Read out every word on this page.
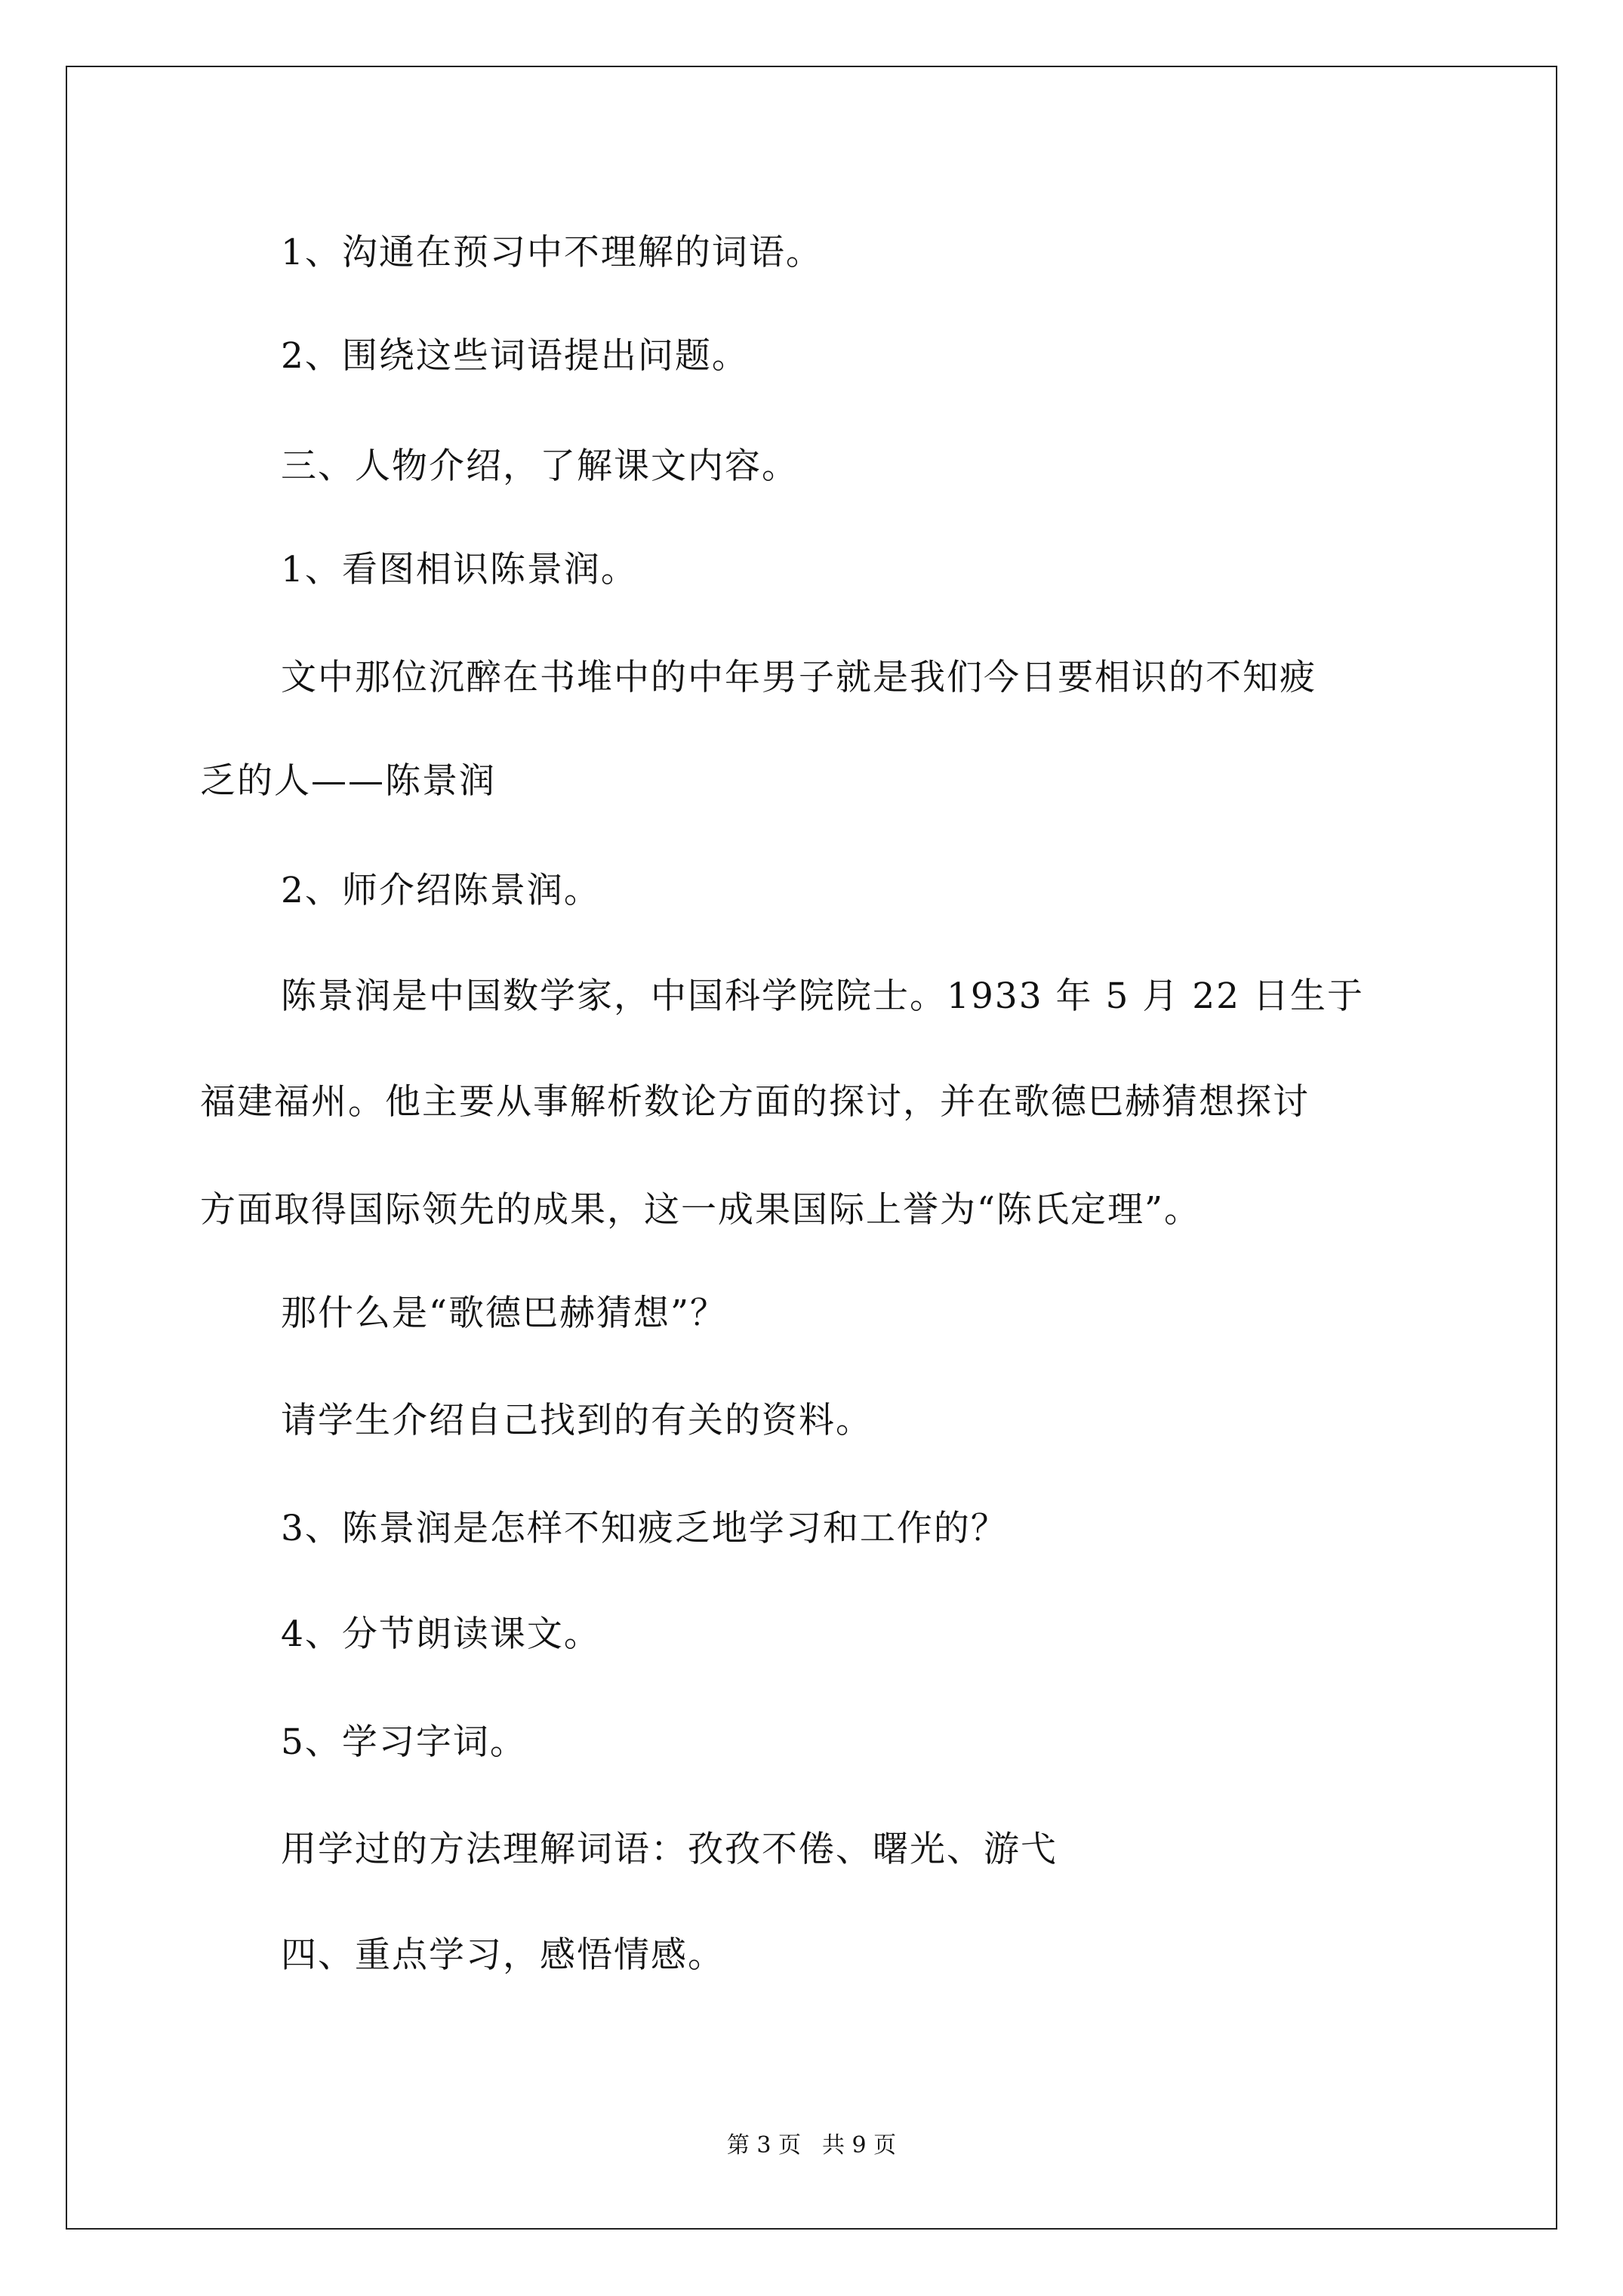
1、沟通在预习中不理解的词语。
2、围绕这些词语提出问题。
三、人物介绍，了解课文内容。
1、看图相识陈景润。
文中那位沉醉在书堆中的中年男子就是我们今日要相识的不知疲
乏的人——陈景润
2、师介绍陈景润。
陈景润是中国数学家，中国科学院院士。1933 年 5 月 22 日生于
福建福州。他主要从事解析数论方面的探讨，并在歌德巴赫猜想探讨
方面取得国际领先的成果，这一成果国际上誉为“陈氏定理”。
那什么是“歌德巴赫猜想”？
请学生介绍自己找到的有关的资料。
3、陈景润是怎样不知疲乏地学习和工作的？
4、分节朗读课文。
5、学习字词。
用学过的方法理解词语：孜孜不倦、曙光、游弋
四、重点学习，感悟情感。
第 3 页 共 9 页
